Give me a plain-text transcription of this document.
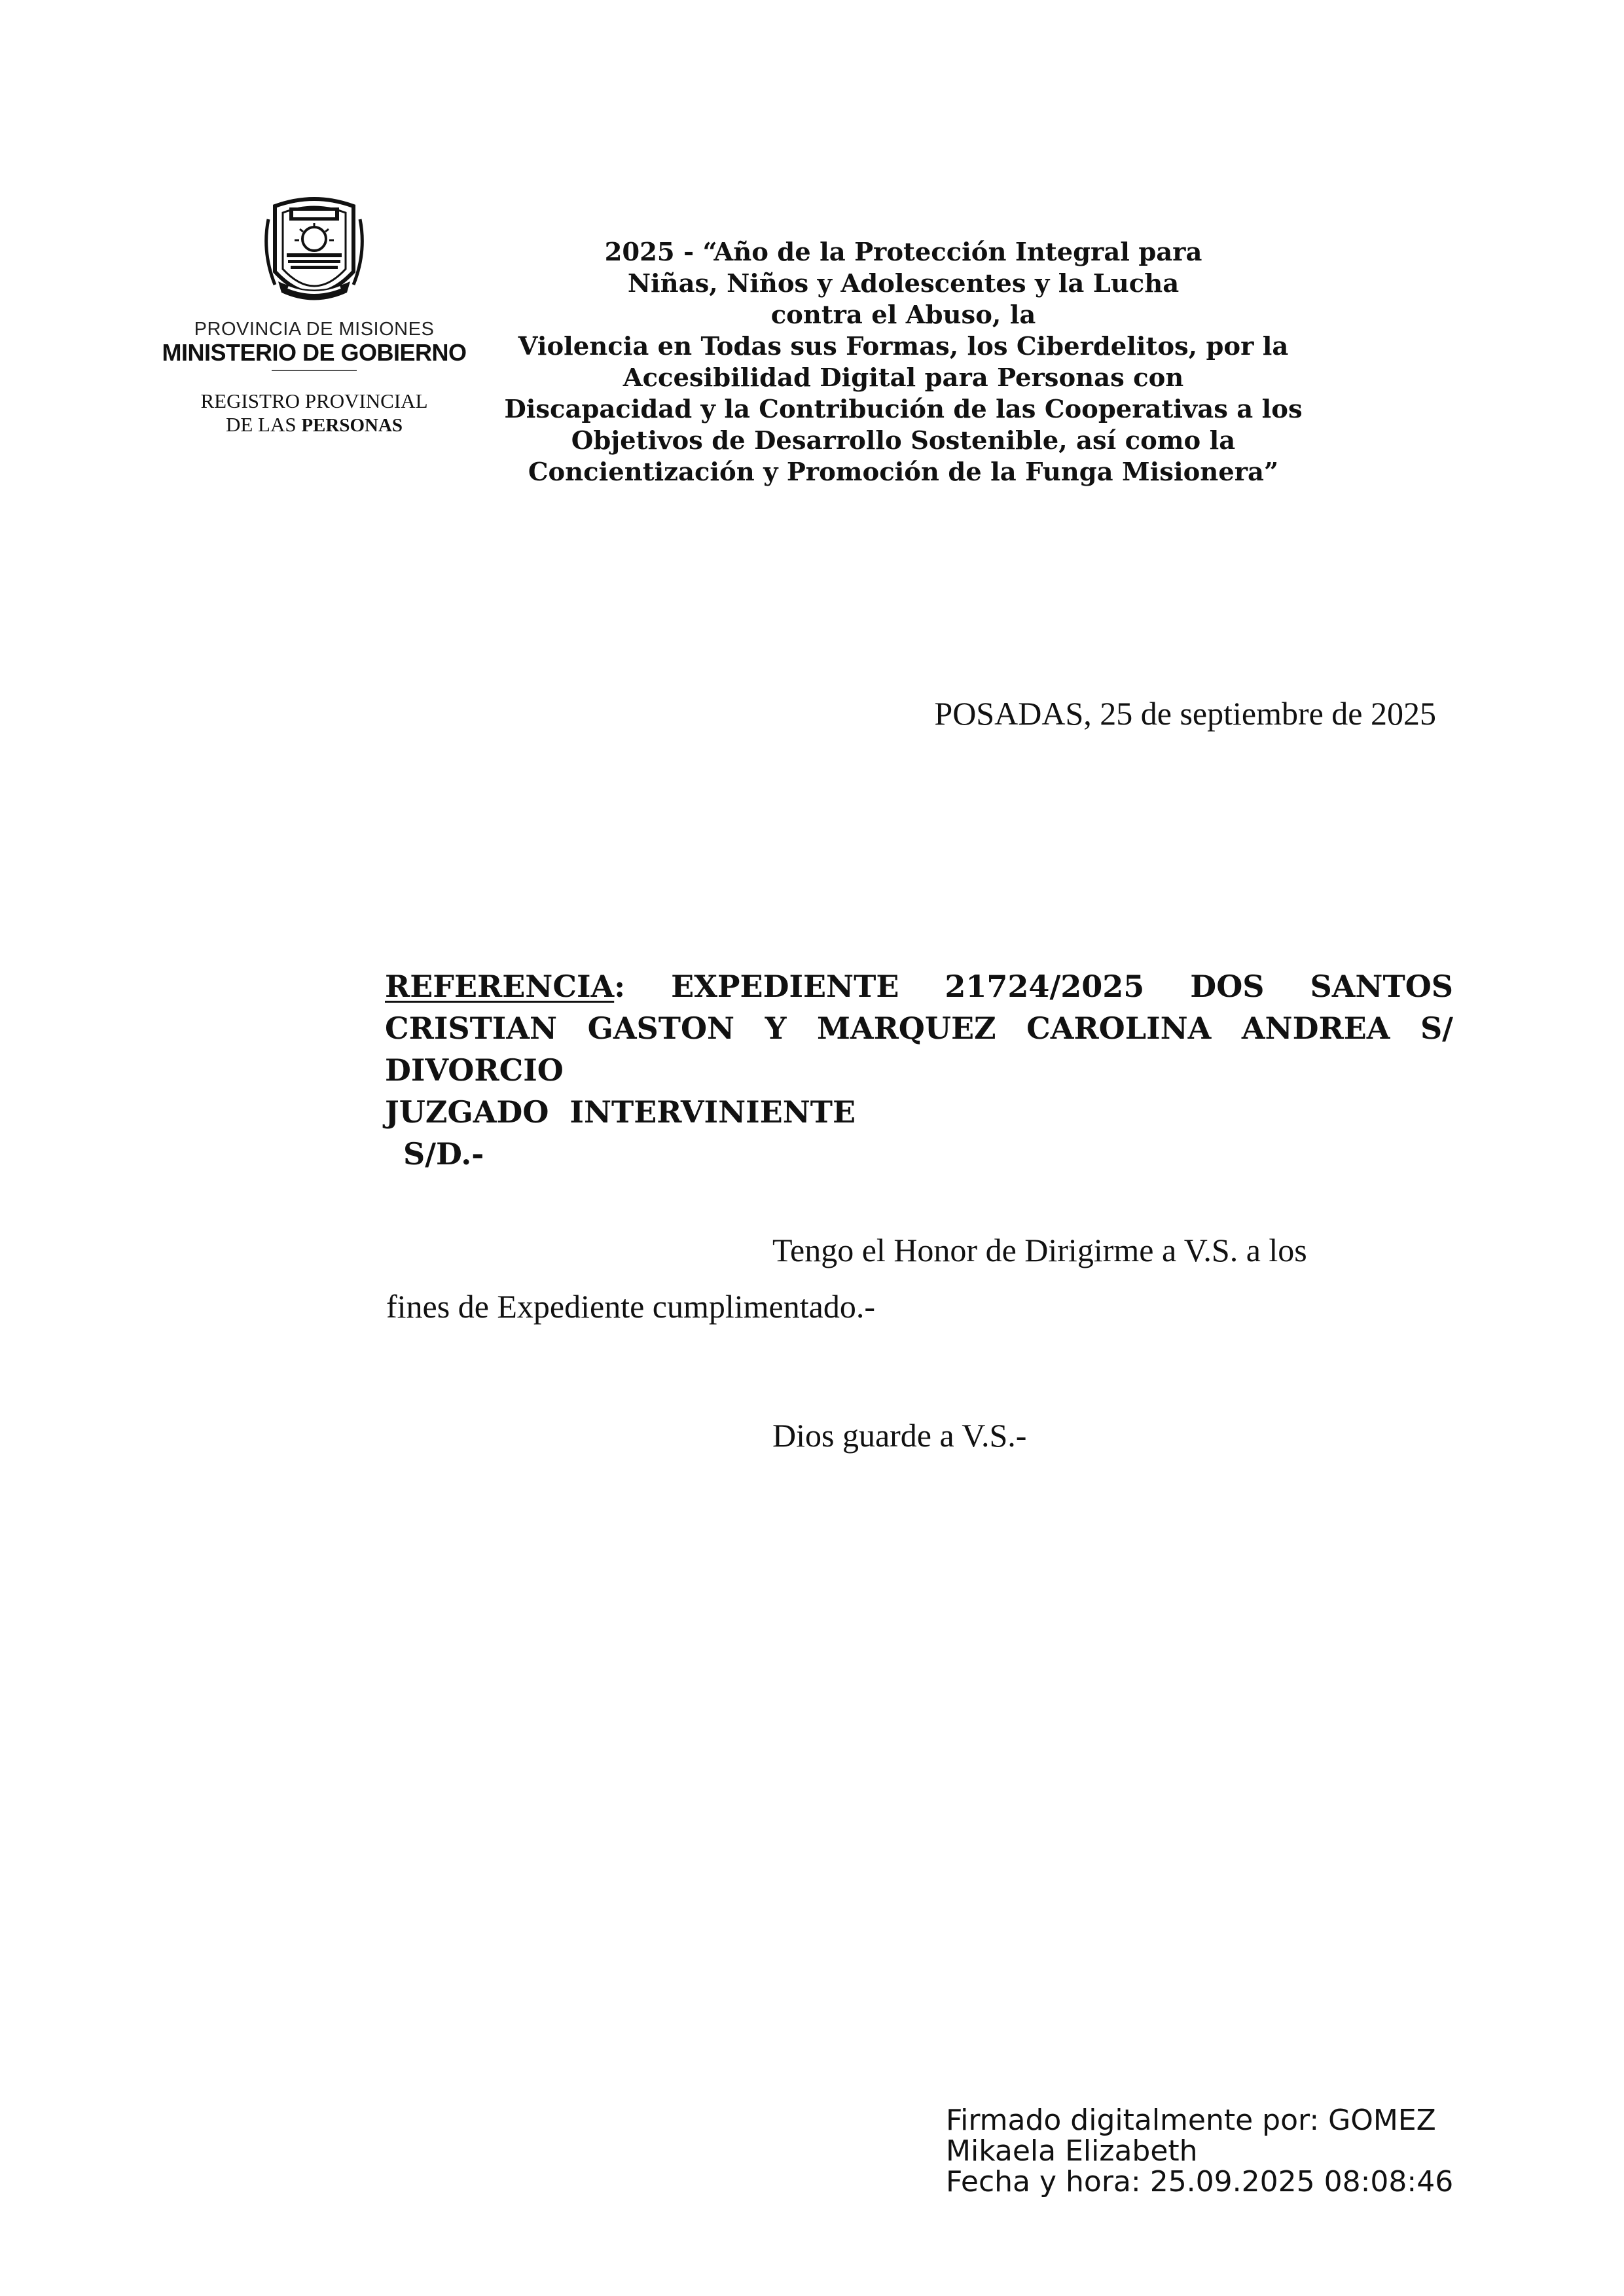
PROVINCIA DE MISIONES
MINISTERIO DE GOBIERNO
REGISTRO PROVINCIAL
DE LAS PERSONAS
2025 - “Año de la Protección Integral para
Niñas, Niños y Adolescentes y la Lucha
contra el Abuso, la
Violencia en Todas sus Formas, los Ciberdelitos, por la
Accesibilidad Digital para Personas con
Discapacidad y la Contribución de las Cooperativas a los
Objetivos de Desarrollo Sostenible, así como la
Concientización y Promoción de la Funga Misionera”
POSADAS, 25 de septiembre de 2025
REFERENCIA: EXPEDIENTE 21724/2025 DOS SANTOS
CRISTIAN GASTON Y MARQUEZ CAROLINA ANDREA S/
DIVORCIO
JUZGADO  INTERVINIENTE
S/D.-
Tengo el Honor de Dirigirme a V.S. a los
fines de Expediente cumplimentado.-
Dios guarde a V.S.-
Firmado digitalmente por: GOMEZ
Mikaela Elizabeth
Fecha y hora: 25.09.2025 08:08:46
